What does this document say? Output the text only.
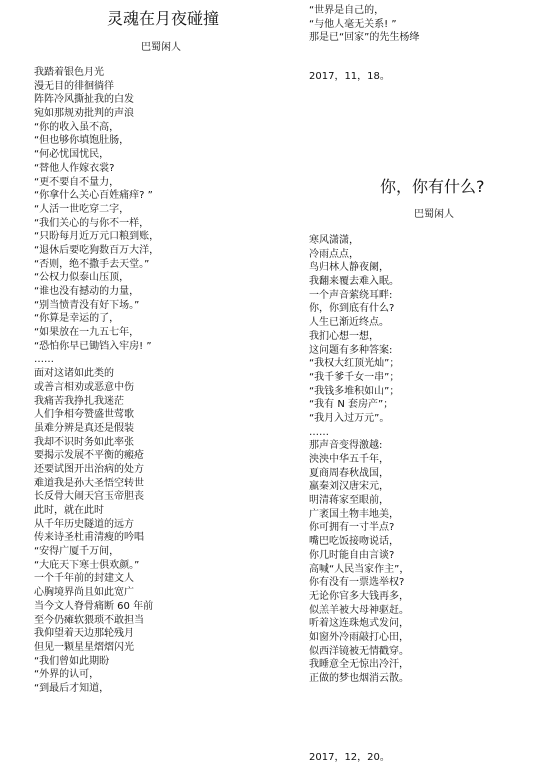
灵魂在月夜碰撞
巴蜀闲人
我踏着银色月光
漫无目的徘徊徜徉
阵阵冷风撕扯我的白发
宛如那规劝批判的声浪
“你的收入虽不高，
“但也够你填饱肚肠，
“何必忧国忧民，
“替他人作嫁衣裳?
“更不要自不量力，
“你拿什么关心百姓痛痒? ”
“人活一世吃穿二字，
“我们关心的与你不一样，
“只盼每月近万元口粮到账，
“退休后要吃狗数百万大洋，
“否则，绝不撒手去天堂。”
“公权力似泰山压顶，
“谁也没有撼动的力量，
“别当愤青没有好下场。”
“你算是幸运的了，
“如果放在一九五七年，
“恐怕你早已锄铛入牢房! ”
……
面对这诸如此类的
或善言相劝或恶意中伤
我痛苦我挣扎我迷茫
人们争相夸赞盛世莺歌
虽难分辨是真还是假装
我却不识时务如此率张
要揭示发展不平衡的瘢疮
还要试图开出治病的处方
难道我是孙大圣悟空转世
长反骨大闹天宫玉帝胆丧
此时，就在此时
从千年历史隧道的远方
传来诗圣杜甫清瘦的吟唱
“安得广厦千万间，
“大庇天下寒士俱欢颜。”
一个千年前的封建文人
心胸境界尚且如此宽广
当今文人脊骨痛断 60 年前
至今仍瘫软猥琐不敢担当
我仰望着天边那轮残月
但见一颗星星熠熠闪光
“我们曾如此期盼
“外界的认可，
“到最后才知道，
“世界是自己的，
“与他人毫无关系! ”
那是已“回家”的先生杨绛
2017，11，18。
你，你有什么?
巴蜀闲人
寒风潇潇，
冷雨点点，
鸟归林人静夜阑，
我翻来覆去难入眠。
一个声音萦绕耳畔:
你，你到底有什么?
人生已渐近终点。
我扪心想一想，
这问题有多种答案:
“我权大红顶光灿”；
“我千爹千女一串”；
“我钱多堆积如山”；
“我有 N 套房产”；
“我月入过万元”。
……
那声音变得激越:
泱泱中华五千年，
夏商周春秋战国，
嬴秦刘汉唐宋元，
明清蒋家至眼前，
广袤国土物丰地美，
你可拥有一寸半点?
嘴巴吃饭接吻说话，
你几时能自由言谈?
高喊“人民当家作主”，
你有没有一票选举权?
无论你官多大钱再多，
似羔羊被大母神驱赶。
听着这连珠炮式发问，
如窗外冷雨敲打心田，
似西洋镜被无情戳穿。
我睡意全无惊出冷汗，
正做的梦也烟消云散。
2017，12，20。
